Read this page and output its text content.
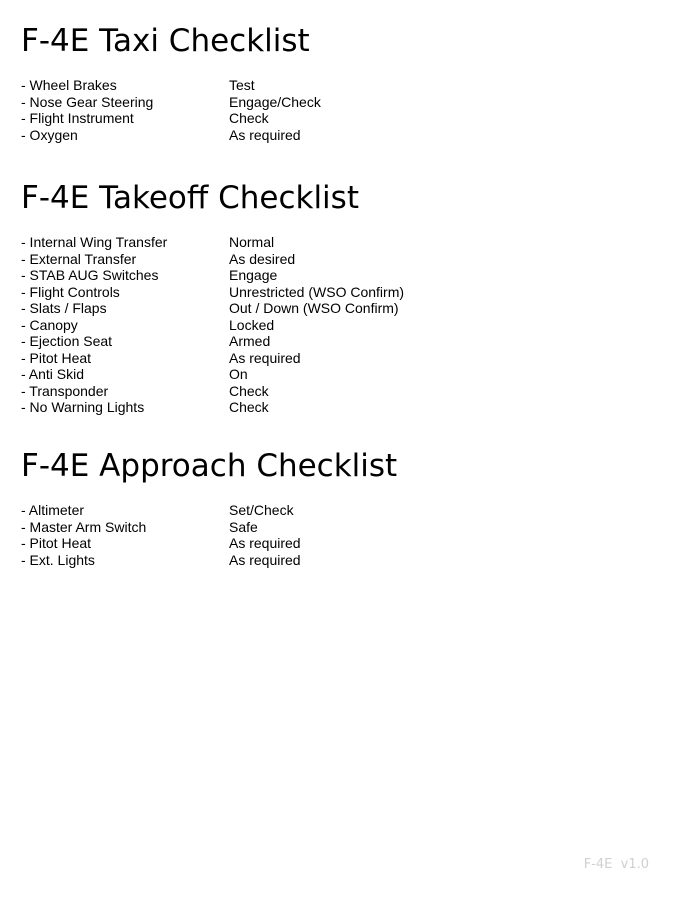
F-4E Taxi Checklist
- Wheel Brakes	Test
- Nose Gear Steering	Engage/Check
- Flight Instrument	Check
- Oxygen	As required
F-4E Takeoff Checklist
- Internal Wing Transfer	Normal
- External Transfer	As desired
- STAB AUG Switches	Engage
- Flight Controls	Unrestricted (WSO Confirm)
- Slats / Flaps	Out / Down (WSO Confirm)
- Canopy	Locked
- Ejection Seat	Armed
- Pitot Heat	As required
- Anti Skid	On
- Transponder	Check
- No Warning Lights	Check
F-4E Approach Checklist
- Altimeter	Set/Check
- Master Arm Switch	Safe
- Pitot Heat	As required
- Ext. Lights	As required
F-4E  v1.0
